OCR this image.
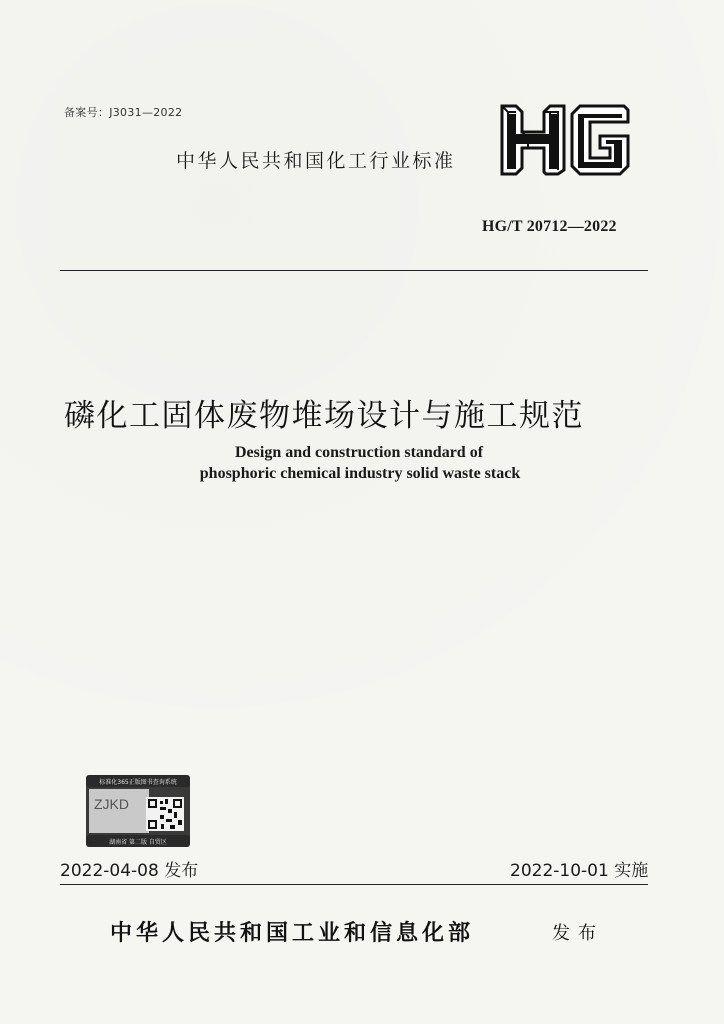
备案号：J3031—2022
中华人民共和国化工行业标准
HG/T 20712—2022
磷化工固体废物堆场设计与施工规范
Design and construction standard of
phosphoric chemical industry solid waste stack
标准化365正版图书查询系统
ZJKD
湖南省 第二版 自贸区
2022-04-08 发布	2022-10-01 实施
中华人民共和国工业和信息化部	发布
